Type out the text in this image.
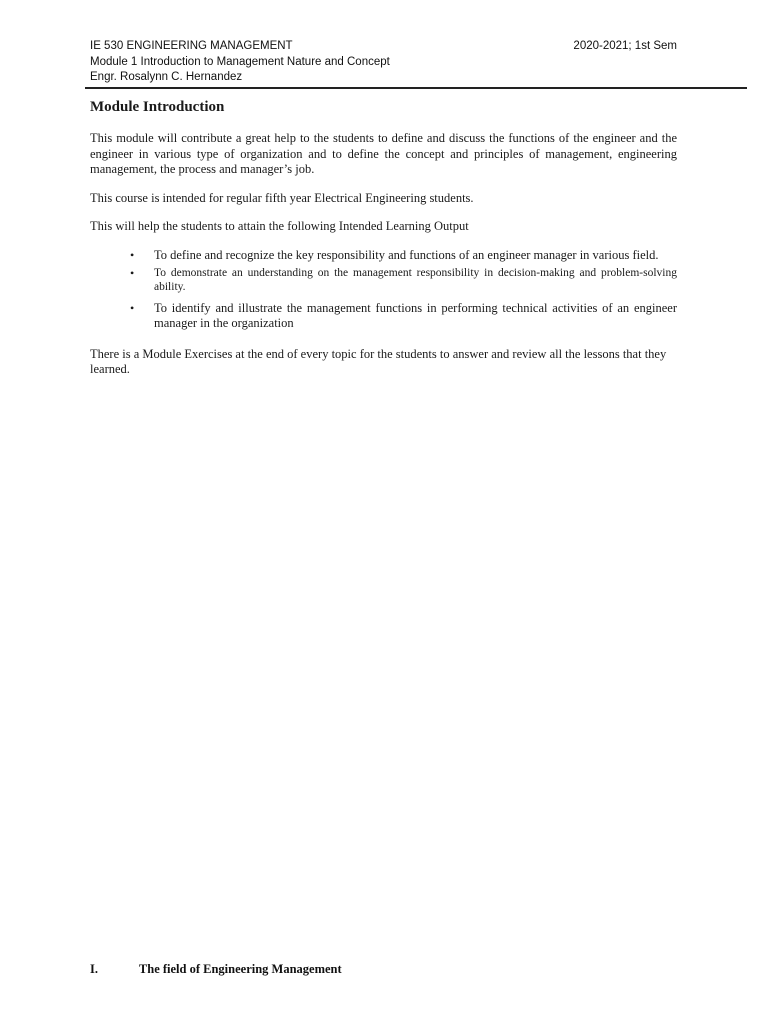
IE 530 ENGINEERING MANAGEMENT	2020-2021; 1st Sem
Module 1 Introduction to Management Nature and Concept
Engr. Rosalynn C. Hernandez
Module Introduction

This module will contribute a great help to the students to define and discuss the functions of the engineer and the engineer in various type of organization and to define the concept and principles of management, engineering management, the process and manager’s job.

This course is intended for regular fifth year Electrical Engineering students.

This will help the students to attain the following Intended Learning Output

• To define and recognize the key responsibility and functions of an engineer manager in various field.
• To demonstrate an understanding on the management responsibility in decision-making and problem-solving ability.
• To identify and illustrate the management functions in performing technical activities of an engineer manager in the organization

There is a Module Exercises at the end of every topic for the students to answer and review all the lessons that they learned.

I.	The field of Engineering Management
